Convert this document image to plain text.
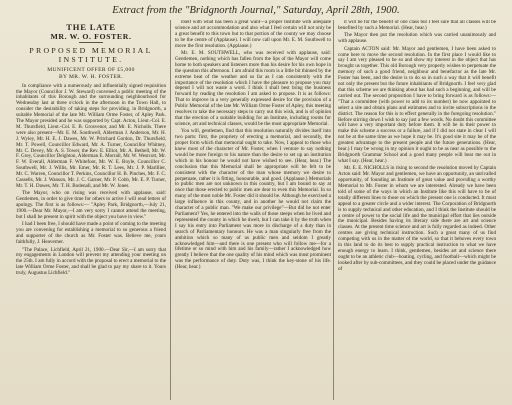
Extract from the "Bridgnorth Journal," Saturday, April 28th, 1900.
THE LATE
MR. W. O. FOSTER.
PROPOSED MEMORIAL
INSTITUTE.
MUNIFICENT OFFER OF £5,000
BY MR. W. H. FOSTER.

In compliance with a numerously and influentially signed requisition the Mayor (Councillor J. W. Steward) convened a public meeting of the inhabitants of this Borough and the surrounding neighbourhood for Wednesday last at three o'clock in the afternoon in the Town Hall, to consider the desirability of taking steps for providing, in Bridgnorth, a suitable Memorial of the late Mr. William Orme Foster, of Apley Park. The Mayor presided and he was supported by Capt. Acton, Lieut.-Col. E. M. Thursfield, Lieut.-Col. E. B. Grosvenor, and Mr. E. Nicholls. There were also present—Mr. E. M. Southwell, Alderman J. Anderson, Mr. H. J. Wyley, Mr. H. E. J. Dawes, Mr. W. Pritchard Gordon, Dr. Thursfield, Mr. T. Powell, Councillor Edward, Mr. A. Turner, Councillor Whitney, Mr. C. Devey, Mr. A. S. Tower, the Rev. E. Elliot, Mr. A. Bethell, Mr. W. F. Grey, Councillor Deighton, Alderman E. Morrall, Mr. W. Westcott, Mr. F. W. Everall, Alderman F. Whitefoot, Mr. W. E. Boyle, Councillor C. Southwell, Mr. J. Willis, Mr. Emer, Mr. R. T. Lees, Mr. J. P. Marillier, Mr. C. Warren, Councillor T. Perkins, Councillor H. B. Pinches, Mr. F. C. Cassells, Mr. J. Wanson, Mr. J. C. Garner, Mr. P. Cobb, Mr. E. P. Turner, Mr. T. H. Dawes, Mr. T. H. Bodenall, and Mr. W. Jones.

The Mayor, who on rising was received with applause, said: Gentlemen, in order to give time for others to arrive I will read letters of apology. The first is as follows:— "Apley Park, Bridgnorth,—July 21, 1900.—Dear Mr. Mayor,—I am very sorry I cannot attend the meeting, but I shall be present in spirit with the object you have in view."

I had I been free, I should have made a point of coming to the meeting you are convening for establishing a memorial to so generous a friend and supporter of the church as Mr. Foster was. Believe me, yours faithfully, J. Heaverner.

"The Palace, Lichfield, April 21, 1900.—Dear Sir,—I am sorry that my engagements in London will prevent my attending your meeting on the 25th. I am fully in accord with the proposal to erect a memorial to the late William Orme Foster, and shall be glad to pay my share to it. Yours truly, Augustus Lichfield."

itself with what has been a great want—a proper Institute with adequate science and art accommodation and also what I feel certain will not only be a great benefit to this town but to that portion of the county we may choose to be the centre of (Applause). I will now call upon Mr. E. M. Southwell to move the first resolution. (Applause.)

Mr. E. M. SOUTHWELL, who was received with applause, said: Gentlemen, nothing which has fallen from the lips of the Mayor will come home to both speakers and listeners more than his desire for his own hope in the question this afternoon. I am afraid this room is a little bit thinned by the extreme heat of the weather and so far as I can consistently with the importance of the resolution which I have the pleasure to propose you may depend I will not waste a word. I think I shall best bring the business forward by reading the resolution I am asked to propose. It is as follows: That to improve in a very generally expressed desire for the provision of a Public Memorial of the late Mr. William Orme Foster of Apley, this meeting resolves to take the necessary steps to carry out this wish, and is of opinion that the erection of a suitable building for an Institute, including rooms for science, art and technical classes, would be the most appropriate Memorial.

You will, gentlemen, find that this resolution naturally divides itself into two parts: first, the propriety of erecting a memorial, and secondly, the proper form which that memorial ought to take. Now, I appeal to those who knew most of the character of Mr. Foster, when I venture to say nothing would be more foreign to his nature than the desire to set up an institution which in his honour he would not have wished to see. (Hear, hear.) The conclusion that this Memorial shall be appropriate will be felt to be consistent with the character of the man whose memory we desire to perpetuate, rather it is fitting, honourable, and good. (Applause.) Memorials to public men are not unknown in this country, but I am bound to say at once that those erected to public men are dear to even this Memorial. In so many of the most noble Mr. Foster did it should be. Although he exercised a large influence in this county, and in another he would not claim the character of a public man. "We make our privilege"—But did he not enter Parliament? Yes, he entered into the walls of those steeps when he lived and represented the county in which he dwelt, but I can take it by the truth when I say his entry into Parliament was more in discharge of a duty than in search of Parliamentary honours. He was a man singularly free from the ambition which so many of us public men and seldom I greatly acknowledged him—and there is one present who will follow me—for a lifetime or so mind with him and his family—rather I acknowledged how greatly I believe that the one quality of his mind which was most prominent was the performance of duty. Duty was, I think the key-stone of his life. (Hear, hear.)

it will be for the benefit of one class but I feel sure that all classes will be benefited by such a Memorial. (Hear, hear.)

The Mayor then put the resolution which was carried unanimously and with applause.

Captain ACTON said: Mr. Mayor and gentlemen, I have been asked to come here to move the second resolution. In the first place I would like to say I am very pleased to be so and show my interest in the object that has brought us together. This old Borough very properly wishes to perpetuate the memory of such a good friend, neighbour and benefactor as the late Mr. Foster has been, and the desire is to do so in such a way that it will benefit not only the present but the future inhabitants of Bridgnorth. I feel very glad that this scheme we are thinking about has had such a beginning, and will be carried out. The second proposition I have to bring forward is as follows:— "That a committee (with power to add to its number) be now appointed to select a site and obtain plans and estimates and to invite subscriptions in the district. The reason for this is to effect generally in the foregoing resolution." Before stirring down I wish to say just a few words. No doubt this committee will have a very important duty before them. It will be in their power to make this scheme a success or a failure, and if I did not state in clear I will not be at the same time as we hope it may be. It's good site it may be of the greatest advantage to the present people and the future generations. (Hear, hear.) I may be wrong in my opinion it ought to be as near as possible to the Bridgnorth Grammar School and a good many people will bear me out in what I say. (Hear, hear.)

Mr. E. E. NICHOLLS in rising to second the resolution moved by Captain Acton said: Mr. Mayor and gentlemen, we have an opportunity, an unrivalled opportunity, of founding an Institute of great value and providing a worthy Memorial to Mr. Foster in whom we are interested. Already we have been told of some of the ways in which an Institute like this will have to be of totally different lines to those on which the present one is conducted. It must appeal to a greater circle and a wider interest. The Corporation of Bridgnorth is to supply technical and other education, and I think the Institute should be a centre of power to the social life and the municipal effort that lies outside the municipal. Besides having its literary side there are art and science classes. At the present time science and art is fully regarded as indeed. Other centres are giving technical instruction. Such a great many of us find competing with us in the matter of the world, so that it behoves every town in this land to do its best to supply practical instruction to what we have enough energy to learn. I think, gentlemen, besides art and science there ought to be an athletic club—boating, cycling, and football—which might be looked after by sub-committees, and they could be placed under the guidance of
